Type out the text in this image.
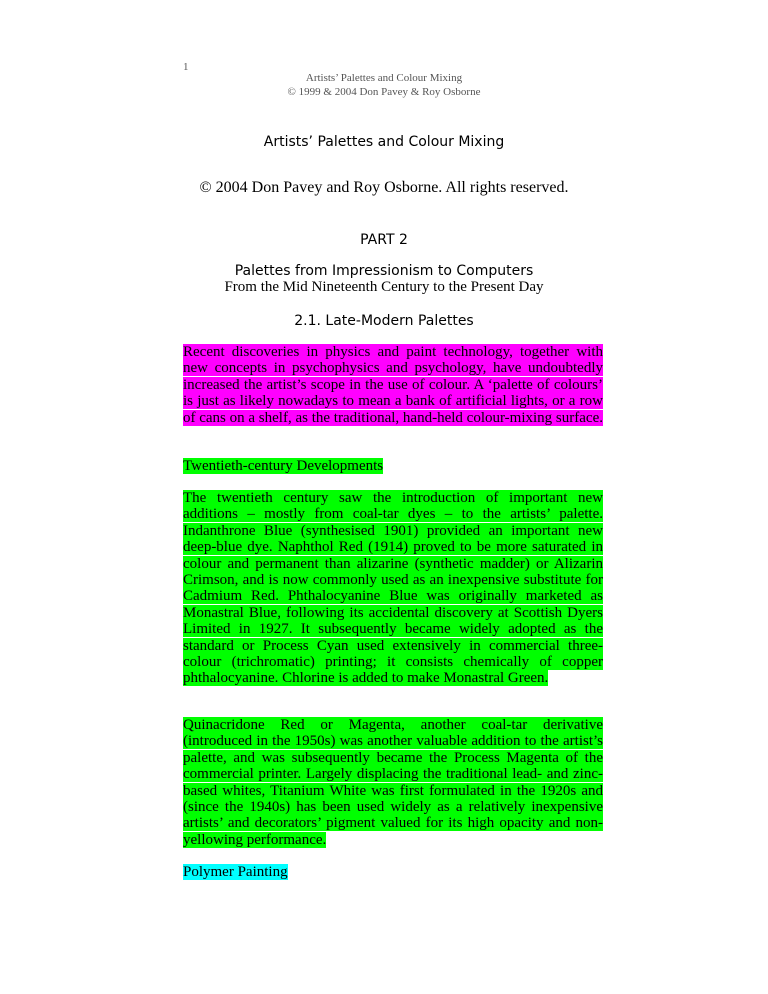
1
Artists’ Palettes and Colour Mixing
© 1999 & 2004 Don Pavey & Roy Osborne
Artists’ Palettes and Colour Mixing
© 2004 Don Pavey and Roy Osborne. All rights reserved.
PART 2
Palettes from Impressionism to Computers
From the Mid Nineteenth Century to the Present Day
2.1. Late-Modern Palettes
Recent discoveries in physics and paint technology, together with new concepts in psychophysics and psychology, have undoubtedly increased the artist’s scope in the use of colour. A ‘palette of colours’ is just as likely nowadays to mean a bank of artificial lights, or a row of cans on a shelf, as the traditional, hand-held colour-mixing surface.
Twentieth-century Developments
The twentieth century saw the introduction of important new additions – mostly from coal-tar dyes – to the artists’ palette. Indanthrone Blue (synthesised 1901) provided an important new deep-blue dye. Naphthol Red (1914) proved to be more saturated in colour and permanent than alizarine (synthetic madder) or Alizarin Crimson, and is now commonly used as an inexpensive substitute for Cadmium Red. Phthalocyanine Blue was originally marketed as Monastral Blue, following its accidental discovery at Scottish Dyers Limited in 1927. It subsequently became widely adopted as the standard or Process Cyan used extensively in commercial three-colour (trichromatic) printing; it consists chemically of copper phthalocyanine. Chlorine is added to make Monastral Green.
Quinacridone Red or Magenta, another coal-tar derivative (introduced in the 1950s) was another valuable addition to the artist’s palette, and was subsequently became the Process Magenta of the commercial printer. Largely displacing the traditional lead- and zinc-based whites, Titanium White was first formulated in the 1920s and (since the 1940s) has been used widely as a relatively inexpensive artists’ and decorators’ pigment valued for its high opacity and non-yellowing performance.
Polymer Painting
